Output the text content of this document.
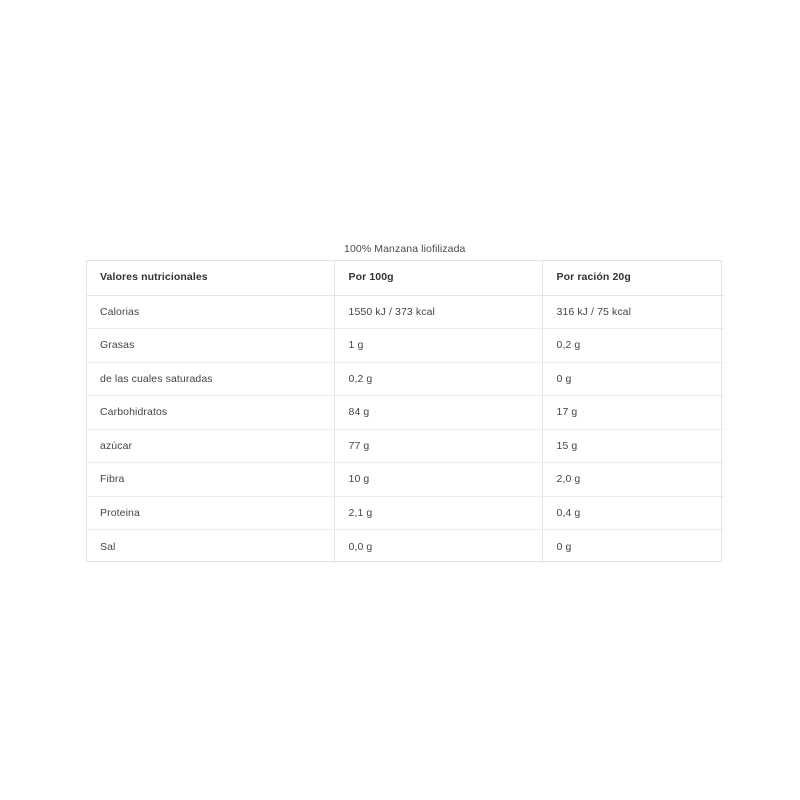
100% Manzana liofilizada
Valores nutricionales	Por 100g	Por ración 20g
Calorias	1550 kJ / 373 kcal	316 kJ / 75 kcal
Grasas	1 g	0,2 g
de las cuales saturadas	0,2 g	0 g
Carbohidratos	84 g	17 g
azúcar	77 g	15 g
Fibra	10 g	2,0 g
Proteina	2,1 g	0,4 g
Sal	0,0 g	0 g
